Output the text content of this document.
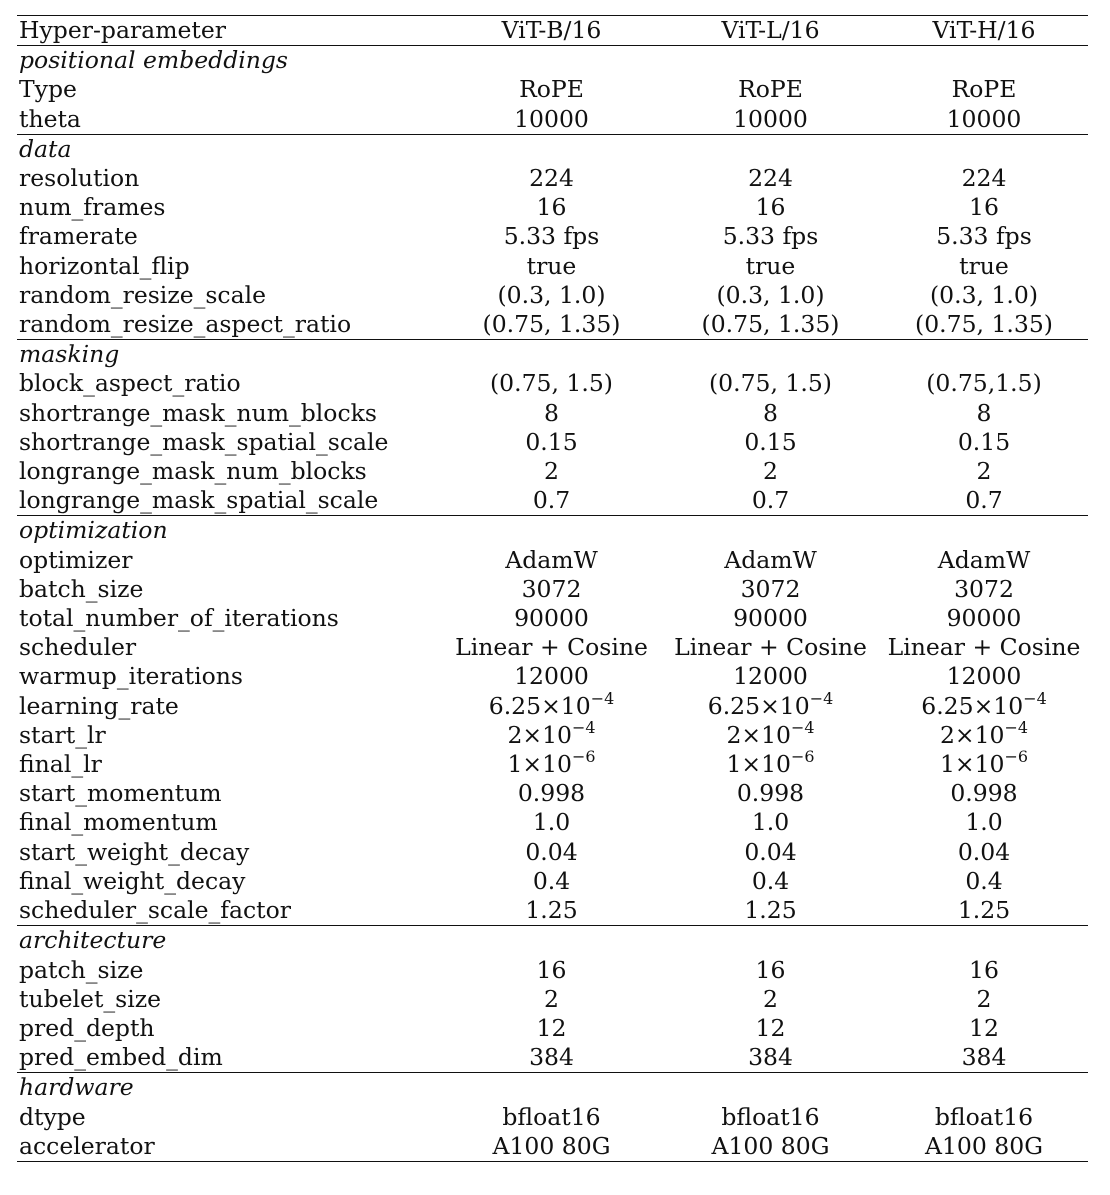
Hyper-parameter	ViT-B/16	ViT-L/16	ViT-H/16
positional embeddings			
Type	RoPE	RoPE	RoPE
theta	10000	10000	10000
data			
resolution	224	224	224
num_frames	16	16	16
framerate	5.33 fps	5.33 fps	5.33 fps
horizontal_flip	true	true	true
random_resize_scale	(0.3, 1.0)	(0.3, 1.0)	(0.3, 1.0)
random_resize_aspect_ratio	(0.75, 1.35)	(0.75, 1.35)	(0.75, 1.35)
masking			
block_aspect_ratio	(0.75, 1.5)	(0.75, 1.5)	(0.75,1.5)
shortrange_mask_num_blocks	8	8	8
shortrange_mask_spatial_scale	0.15	0.15	0.15
longrange_mask_num_blocks	2	2	2
longrange_mask_spatial_scale	0.7	0.7	0.7
optimization			
optimizer	AdamW	AdamW	AdamW
batch_size	3072	3072	3072
total_number_of_iterations	90000	90000	90000
scheduler	Linear + Cosine	Linear + Cosine	Linear + Cosine
warmup_iterations	12000	12000	12000
learning_rate	$6.25\times 10^{-4}$	$6.25\times 10^{-4}$	$6.25\times 10^{-4}$
start_lr	$2\times 10^{-4}$	$2\times 10^{-4}$	$2\times 10^{-4}$
final_lr	$1\times 10^{-6}$	$1\times 10^{-6}$	$1\times 10^{-6}$
start_momentum	0.998	0.998	0.998
final_momentum	1.0	1.0	1.0
start_weight_decay	0.04	0.04	0.04
final_weight_decay	0.4	0.4	0.4
scheduler_scale_factor	1.25	1.25	1.25
architecture			
patch_size	16	16	16
tubelet_size	2	2	2
pred_depth	12	12	12
pred_embed_dim	384	384	384
hardware			
dtype	bfloat16	bfloat16	bfloat16
accelerator	A100 80G	A100 80G	A100 80G
